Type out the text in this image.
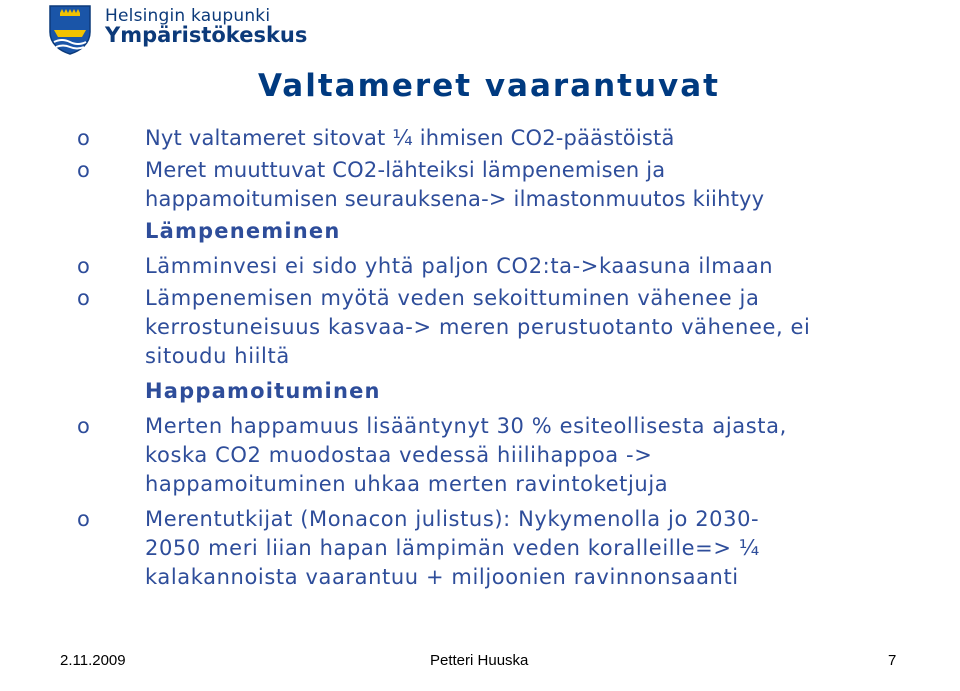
Helsingin kaupunki
Ympäristökeskus
Valtameret vaarantuvat
o	Nyt valtameret sitovat ¼ ihmisen CO2-päästöistä
o	Meret muuttuvat CO2-lähteiksi lämpenemisen ja
happamoitumisen seurauksena-> ilmastonmuutos kiihtyy
Lämpeneminen
o	Lämminvesi ei sido yhtä paljon CO2:ta->kaasuna ilmaan
o	Lämpenemisen myötä veden sekoittuminen vähenee ja
kerrostuneisuus kasvaa-> meren perustuotanto vähenee, ei
sitoudu hiiltä
Happamoituminen
o	Merten happamuus lisääntynyt 30 % esiteollisesta ajasta,
koska CO2 muodostaa vedessä hiilihappoa ->
happamoituminen uhkaa merten ravintoketjuja
o	Merentutkijat (Monacon julistus): Nykymenolla jo 2030-
2050 meri liian hapan lämpimän veden koralleille=> ¼
kalakannoista vaarantuu + miljoonien ravinnonsaanti
2.11.2009	Petteri Huuska	7
